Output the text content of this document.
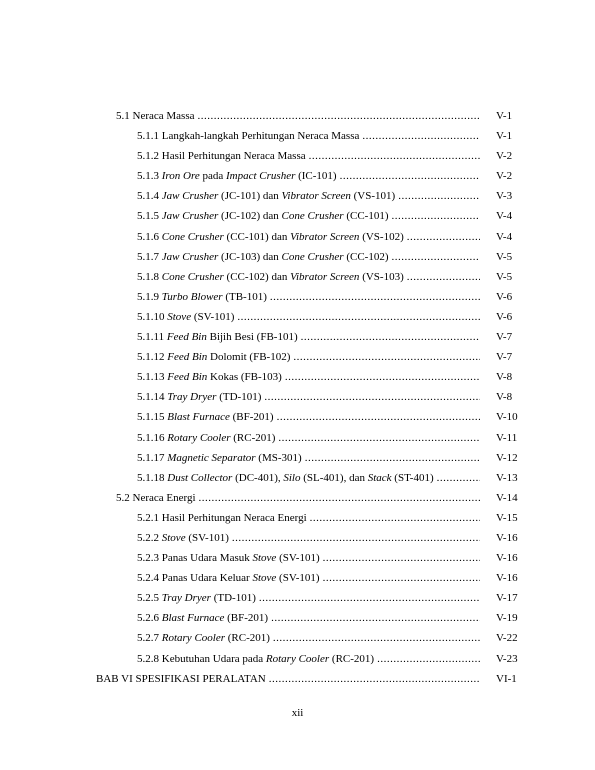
5.1 Neraca Massa .....	V-1
5.1.1 Langkah-langkah Perhitungan Neraca Massa .....	V-1
5.1.2 Hasil Perhitungan Neraca Massa .....	V-2
5.1.3 Iron Ore pada Impact Crusher (IC-101) .....	V-2
5.1.4 Jaw Crusher (JC-101) dan Vibrator Screen (VS-101) .....	V-3
5.1.5 Jaw Crusher (JC-102) dan Cone Crusher (CC-101) .....	V-4
5.1.6 Cone Crusher (CC-101) dan Vibrator Screen (VS-102) .....	V-4
5.1.7 Jaw Crusher (JC-103) dan Cone Crusher (CC-102) .....	V-5
5.1.8 Cone Crusher (CC-102) dan Vibrator Screen (VS-103) .....	V-5
5.1.9 Turbo Blower (TB-101) .....	V-6
5.1.10 Stove (SV-101) .....	V-6
5.1.11 Feed Bin Bijih Besi (FB-101) .....	V-7
5.1.12 Feed Bin Dolomit (FB-102) .....	V-7
5.1.13 Feed Bin Kokas (FB-103) .....	V-8
5.1.14 Tray Dryer (TD-101) .....	V-8
5.1.15 Blast Furnace (BF-201) .....	V-10
5.1.16 Rotary Cooler (RC-201) .....	V-11
5.1.17 Magnetic Separator (MS-301) .....	V-12
5.1.18 Dust Collector (DC-401), Silo (SL-401), dan Stack (ST-401) .....	V-13
5.2 Neraca Energi .....	V-14
5.2.1 Hasil Perhitungan Neraca Energi .....	V-15
5.2.2 Stove (SV-101) .....	V-16
5.2.3 Panas Udara Masuk Stove (SV-101) .....	V-16
5.2.4 Panas Udara Keluar Stove (SV-101) .....	V-16
5.2.5 Tray Dryer (TD-101) .....	V-17
5.2.6 Blast Furnace (BF-201) .....	V-19
5.2.7 Rotary Cooler (RC-201) .....	V-22
5.2.8 Kebutuhan Udara pada Rotary Cooler (RC-201) .....	V-23
BAB VI SPESIFIKASI PERALATAN .....	VI-1
xii
